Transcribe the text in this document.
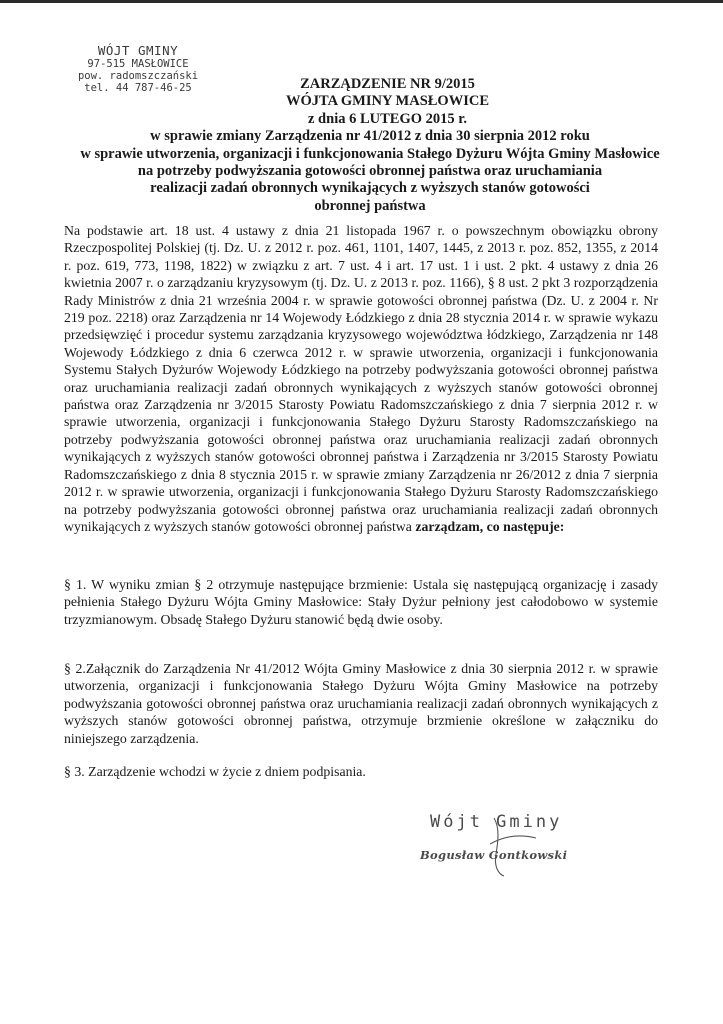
WÓJT GMINY
97-515 MASŁOWICE
pow. radomszczański
tel. 44 787-46-25	ZARZĄDZENIE NR 9/2015
WÓJTA GMINY MASŁOWICE
z dnia 6 LUTEGO 2015 r.
w sprawie zmiany Zarządzenia nr 41/2012 z dnia 30 sierpnia 2012 roku
w sprawie utworzenia, organizacji i funkcjonowania Stałego Dyżuru Wójta Gminy Masłowice
na potrzeby podwyższania gotowości obronnej państwa oraz uruchamiania
realizacji zadań obronnych wynikających z wyższych stanów gotowości
obronnej państwa
Na podstawie art. 18 ust. 4 ustawy z dnia 21 listopada 1967 r. o powszechnym obowiązku obrony Rzeczpospolitej Polskiej (tj. Dz. U. z 2012 r. poz. 461, 1101, 1407, 1445, z 2013 r. poz. 852, 1355, z 2014 r. poz. 619, 773, 1198, 1822) w związku z art. 7 ust. 4 i art. 17 ust. 1 i ust. 2 pkt. 4 ustawy z dnia 26 kwietnia 2007 r. o zarządzaniu kryzysowym (tj. Dz. U. z 2013 r. poz. 1166), § 8 ust. 2 pkt 3 rozporządzenia Rady Ministrów z dnia 21 września 2004 r. w sprawie gotowości obronnej państwa (Dz. U. z 2004 r. Nr 219 poz. 2218) oraz Zarządzenia nr 14 Wojewody Łódzkiego z dnia 28 stycznia 2014 r. w sprawie wykazu przedsięwzięć i procedur systemu zarządzania kryzysowego województwa łódzkiego, Zarządzenia nr 148 Wojewody Łódzkiego z dnia 6 czerwca 2012 r. w sprawie utworzenia, organizacji i funkcjonowania Systemu Stałych Dyżurów Wojewody Łódzkiego na potrzeby podwyższania gotowości obronnej państwa oraz uruchamiania realizacji zadań obronnych wynikających z wyższych stanów gotowości obronnej państwa oraz Zarządzenia nr 3/2015 Starosty Powiatu Radomszczańskiego z dnia 7 sierpnia 2012 r. w sprawie utworzenia, organizacji i funkcjonowania Stałego Dyżuru Starosty Radomszczańskiego na potrzeby podwyższania gotowości obronnej państwa oraz uruchamiania realizacji zadań obronnych wynikających z wyższych stanów gotowości obronnej państwa i Zarządzenia nr 3/2015 Starosty Powiatu Radomszczańskiego z dnia 8 stycznia 2015 r. w sprawie zmiany Zarządzenia nr 26/2012 z dnia 7 sierpnia 2012 r. w sprawie utworzenia, organizacji i funkcjonowania Stałego Dyżuru Starosty Radomszczańskiego na potrzeby podwyższania gotowości obronnej państwa oraz uruchamiania realizacji zadań obronnych wynikających z wyższych stanów gotowości obronnej państwa zarządzam, co następuje:
§ 1. W wyniku zmian § 2 otrzymuje następujące brzmienie: Ustala się następującą organizację i zasady pełnienia Stałego Dyżuru Wójta Gminy Masłowice: Stały Dyżur pełniony jest całodobowo w systemie trzyzmianowym. Obsadę Stałego Dyżuru stanowić będą dwie osoby.
§ 2.Załącznik do Zarządzenia Nr 41/2012 Wójta Gminy Masłowice z dnia 30 sierpnia 2012 r. w sprawie utworzenia, organizacji i funkcjonowania Stałego Dyżuru Wójta Gminy Masłowice na potrzeby podwyższania gotowości obronnej państwa oraz uruchamiania realizacji zadań obronnych wynikających z wyższych stanów gotowości obronnej państwa, otrzymuje brzmienie określone w załączniku do niniejszego zarządzenia.
§ 3. Zarządzenie wchodzi w życie z dniem podpisania.
Wójt Gminy
Bogusław Gontkowski
